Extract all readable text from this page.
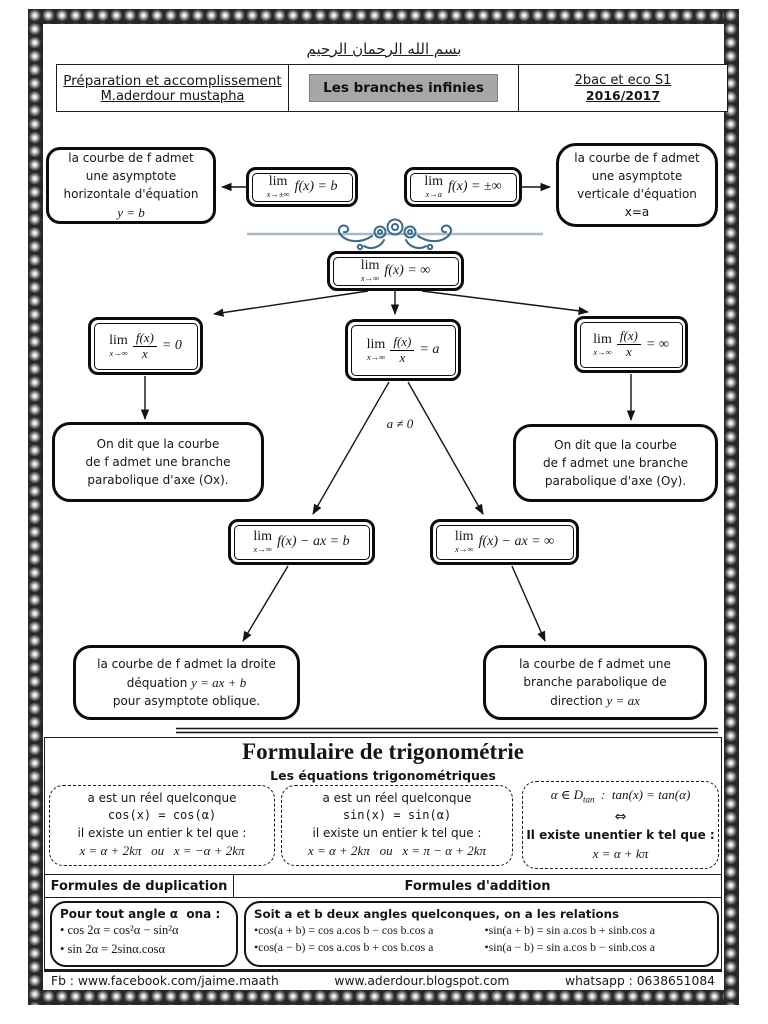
بسم الله الرحمان الرحيم
Préparation et accomplissement
M.aderdour mustapha	Les branches infinies	2bac et eco S1
2016/2017
la courbe de f admet
une asymptote
horizontale d'équation
y = b
lim
x→±∞
f(x) = b	lim
x→a
f(x) = ±∞
la courbe de f admet
une asymptote
verticale d'équation
x=a
lim
x→∞
f(x) = ∞
lim
$x\to\infty \frac{f(x)}{x} = 0$	lim
$x\to\infty \frac{f(x)}{x} = a$
lim
$x\to\infty \frac{f(x)}{x}$ = ∞
a ≠ 0
On dit que la courbe
de f admet une branche
parabolique d'axe (Ox).
On dit que la courbe
de f admet une branche
parabolique d'axe (Oy).
lim
x→∞
f(x) − ax = b	lim
x→∞
f(x) − ax = ∞
la courbe de f admet la droite
déquation y = ax + b
pour asymptote oblique.
la courbe de f admet une
branche parabolique de
direction y = ax
Formulaire de trigonométrie
Les équations trigonométriques
a est un réel quelconque
cos(x) = cos(α)
il existe un entier k tel que :
x = α + 2kπ   ou   x = −α + 2kπ
a est un réel quelconque
sin(x) = sin(α)
il existe un entier k tel que :
x = α + 2kπ   ou   x = π − α + 2kπ
α ∈ $D_{tan}$  :  tan(x) = tan(α)
⇔
Il existe unentier k tel que :
x = α + kπ
Formules de duplication	Formules d'addition
Pour tout angle α  ona :
• cos 2α = cos²α − sin²α
• sin 2α = 2sinα.cosα
Soit a et b deux angles quelconques, on a les relations
•cos(a + b) = cos a.cos b − cos b.cos a	•sin(a + b) = sin a.cos b + sinb.cos a
•cos(a − b) = cos a.cos b + cos b.cos a	•sin(a − b) = sin a.cos b − sinb.cos a
Fb : www.facebook.com/jaime.maath	www.aderdour.blogspot.com	whatsapp : 0638651084
